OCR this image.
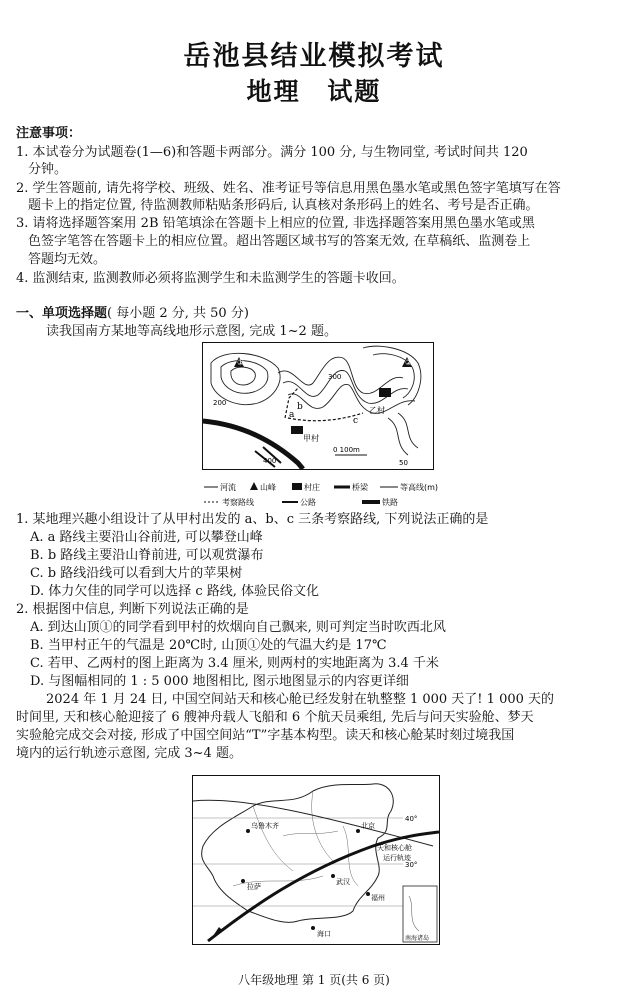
岳池县结业模拟考试
地理 试题
注意事项：
1. 本试卷分为试题卷(1—6)和答题卡两部分。满分 100 分, 与生物同堂, 考试时间共 120
分钟。
2. 学生答题前, 请先将学校、班级、姓名、准考证号等信息用黑色墨水笔或黑色签字笔填写在答
题卡上的指定位置, 待监测教师粘贴条形码后, 认真核对条形码上的姓名、考号是否正确。
3. 请将选择题答案用 2B 铅笔填涂在答题卡上相应的位置, 非选择题答案用黑色墨水笔或黑
色签字笔答在答题卡上的相应位置。超出答题区域书写的答案无效, 在草稿纸、监测卷上
答题均无效。
4. 监测结束, 监测教师必须将监测学生和未监测学生的答题卡收回。
一、单项选择题( 每小题 2 分, 共 50 分)
读我国南方某地等高线地形示意图, 完成 1~2 题。
①	②
a
b
c
甲村
乙村
400
300
200
50
0 100m
河流	山峰	村庄	桥梁	等高线(m)
考察路线	公路	铁路
1. 某地理兴趣小组设计了从甲村出发的 a、b、c 三条考察路线, 下列说法正确的是
A. a 路线主要沿山谷前进, 可以攀登山峰
B. b 路线主要沿山脊前进, 可以观赏瀑布
C. b 路线沿线可以看到大片的苹果树
D. 体力欠佳的同学可以选择 c 路线, 体验民俗文化
2. 根据图中信息, 判断下列说法正确的是
A. 到达山顶①的同学看到甲村的炊烟向自己飘来, 则可判定当时吹西北风
B. 当甲村正午的气温是 20℃时, 山顶①处的气温大约是 17℃
C. 若甲、乙两村的图上距离为 3.4 厘米, 则两村的实地距离为 3.4 千米
D. 与图幅相同的 1 : 5 000 地图相比, 图示地图显示的内容更详细
2024 年 1 月 24 日, 中国空间站天和核心舱已经发射在轨整整 1 000 天了! 1 000 天的
时间里, 天和核心舱迎接了 6 艘神舟载人飞船和 6 个航天员乘组, 先后与问天实验舱、梦天
实验舱完成交会对接, 形成了中国空间站“T”字基本构型。读天和核心舱某时刻过境我国
境内的运行轨迹示意图, 完成 3~4 题。
40°
30°
乌鲁木齐	北京
拉萨
武汉
福州
海口
天和核心舱
运行轨迹
南海诸岛
八年级地理 第 1 页(共 6 页)
